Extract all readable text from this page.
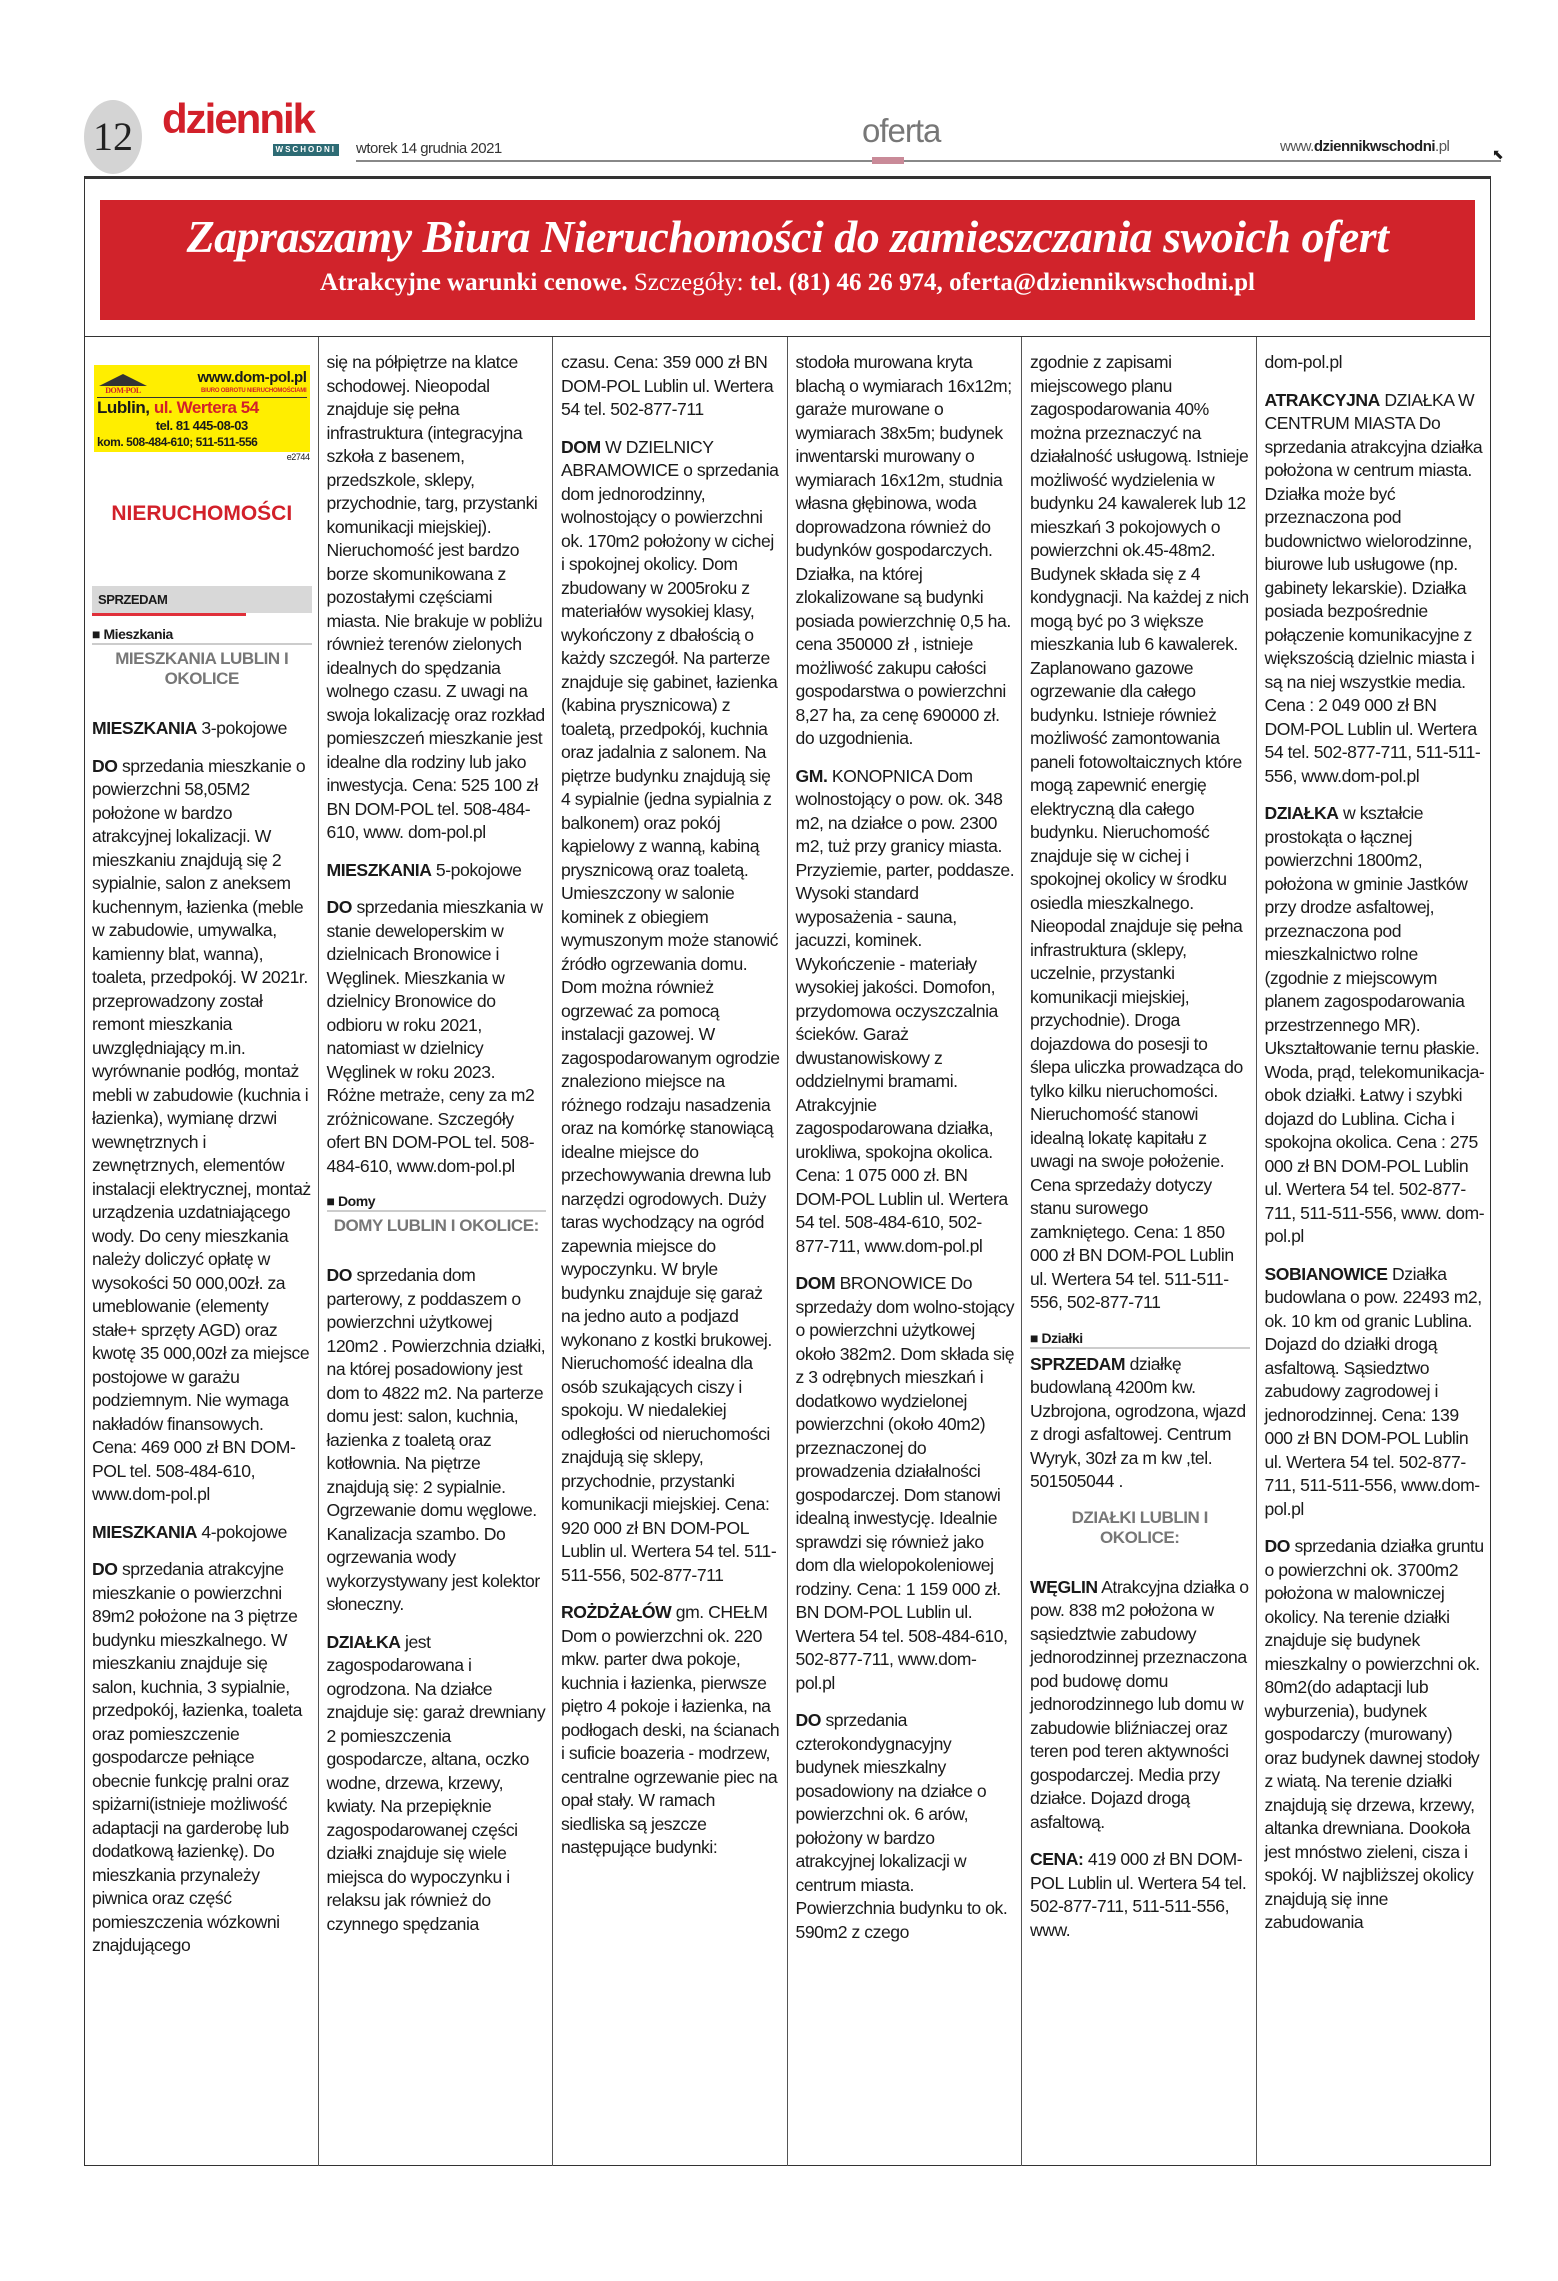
12 dziennik
WSCHODNI wtorek 14 grudnia 2021	oferta	www.dziennikwschodni.pl	⬉
Zapraszamy Biura Nieruchomości do zamieszczania swoich ofert

Atrakcyjne warunki cenowe. Szczegóły: tel. (81) 46 26 974, oferta@dziennikwschodni.pl

DOM-POL
www.dom-pol.pl
BIURO OBROTU NIERUCHOMOŚCIAMI
Lublin, ul. Wertera 54
tel. 81 445-08-03
kom. 508-484-610; 511-511-556
e2744
NIERUCHOMOŚCI
SPRZEDAM
■ Mieszkania
MIESZKANIA LUBLIN I OKOLICE
MIESZKANIA 3-pokojowe
DO sprzedania mieszkanie o powierzchni 58,05M2 położone w bardzo atrakcyjnej lokalizacji. W mieszkaniu znajdują się 2 sypialnie, salon z aneksem kuchennym, łazienka (meble w zabudowie, umywalka, kamienny blat, wanna), toaleta, przedpokój. W 2021r. przeprowadzony został remont mieszkania uwzględniający m.in. wyrównanie podłóg, montaż mebli w zabudowie (kuchnia i łazienka), wymianę drzwi wewnętrznych i zewnętrznych, elementów instalacji elektrycznej, montaż urządzenia uzdatniającego wody. Do ceny mieszkania należy doliczyć opłatę w wysokości 50 000,00zł. za umeblowanie (elementy stałe+ sprzęty AGD) oraz kwotę 35 000,00zł za miejsce postojowe w garażu podziemnym. Nie wymaga nakładów finansowych. Cena: 469 000 zł BN DOM-POL tel. 508-484-610, www.dom-pol.pl
MIESZKANIA 4-pokojowe
DO sprzedania atrakcyjne mieszkanie o powierzchni 89m2 położone na 3 piętrze budynku mieszkalnego. W mieszkaniu znajduje się salon, kuchnia, 3 sypialnie, przedpokój, łazienka, toaleta oraz pomieszczenie gospodarcze pełniące obecnie funkcję pralni oraz spiżarni(istnieje możliwość adaptacji na garderobę lub dodatkową łazienkę). Do mieszkania przynależy piwnica oraz część pomieszczenia wózkowni znajdującego
się na półpiętrze na klatce schodowej. Nieopodal znajduje się pełna infrastruktura (integracyjna szkoła z basenem, przedszkole, sklepy, przychodnie, targ, przystanki komunikacji miejskiej). Nieruchomość jest bardzo borze skomunikowana z pozostałymi częściami miasta. Nie brakuje w pobliżu również terenów zielonych idealnych do spędzania wolnego czasu. Z uwagi na swoja lokalizację oraz rozkład pomieszczeń mieszkanie jest idealne dla rodziny lub jako inwestycja. Cena: 525 100 zł BN DOM-POL tel. 508-484-610, www. dom-pol.pl
MIESZKANIA 5-pokojowe
DO sprzedania mieszkania w stanie deweloperskim w dzielnicach Bronowice i Węglinek. Mieszkania w dzielnicy Bronowice do odbioru w roku 2021, natomiast w dzielnicy Węglinek w roku 2023. Różne metraże, ceny za m2 zróżnicowane. Szczegóły ofert BN DOM-POL tel. 508-484-610, www.dom-pol.pl
■ Domy
DOMY LUBLIN I OKOLICE:
DO sprzedania dom parterowy, z poddaszem o powierzchni użytkowej 120m2 . Powierzchnia działki, na której posadowiony jest dom to 4822 m2. Na parterze domu jest: salon, kuchnia, łazienka z toaletą oraz kotłownia. Na piętrze znajdują się: 2 sypialnie. Ogrzewanie domu węglowe. Kanalizacja szambo. Do ogrzewania wody wykorzystywany jest kolektor słoneczny.
DZIAŁKA jest zagospodarowana i ogrodzona. Na działce znajduje się: garaż drewniany 2 pomieszczenia gospodarcze, altana, oczko wodne, drzewa, krzewy, kwiaty. Na przepięknie zagospodarowanej części działki znajduje się wiele miejsca do wypoczynku i relaksu jak również do czynnego spędzania
czasu. Cena: 359 000 zł BN DOM-POL Lublin ul. Wertera 54 tel. 502-877-711
DOM W DZIELNICY ABRAMOWICE o sprzedania dom jednorodzinny, wolnostojący o powierzchni ok. 170m2 położony w cichej i spokojnej okolicy. Dom zbudowany w 2005roku z materiałów wysokiej klasy, wykończony z dbałością o każdy szczegół. Na parterze znajduje się gabinet, łazienka (kabina prysznicowa) z toaletą, przedpokój, kuchnia oraz jadalnia z salonem. Na piętrze budynku znajdują się 4 sypialnie (jedna sypialnia z balkonem) oraz pokój kąpielowy z wanną, kabiną prysznicową oraz toaletą. Umieszczony w salonie kominek z obiegiem wymuszonym może stanowić źródło ogrzewania domu. Dom można również ogrzewać za pomocą instalacji gazowej. W zagospodarowanym ogrodzie znaleziono miejsce na różnego rodzaju nasadzenia oraz na komórkę stanowiącą idealne miejsce do przechowywania drewna lub narzędzi ogrodowych. Duży taras wychodzący na ogród zapewnia miejsce do wypoczynku. W bryle budynku znajduje się garaż na jedno auto a podjazd wykonano z kostki brukowej. Nieruchomość idealna dla osób szukających ciszy i spokoju. W niedalekiej odległości od nieruchomości znajdują się sklepy, przychodnie, przystanki komunikacji miejskiej. Cena: 920 000 zł BN DOM-POL Lublin ul. Wertera 54 tel. 511-511-556, 502-877-711
ROŻDŻAŁÓW gm. CHEŁM Dom o powierzchni ok. 220 mkw. parter dwa pokoje, kuchnia i łazienka, pierwsze piętro 4 pokoje i łazienka, na podłogach deski, na ścianach i suficie boazeria - modrzew, centralne ogrzewanie piec na opał stały. W ramach siedliska są jeszcze następujące budynki:
stodoła murowana kryta blachą o wymiarach 16x12m; garaże murowane o wymiarach 38x5m; budynek inwentarski murowany o wymiarach 16x12m, studnia własna głębinowa, woda doprowadzona również do budynków gospodarczych. Działka, na której zlokalizowane są budynki posiada powierzchnię 0,5 ha. cena 350000 zł , istnieje możliwość zakupu całości gospodarstwa o powierzchni 8,27 ha, za cenę 690000 zł. do uzgodnienia.
GM. KONOPNICA Dom wolnostojący o pow. ok. 348 m2, na działce o pow. 2300 m2, tuż przy granicy miasta. Przyziemie, parter, poddasze. Wysoki standard wyposażenia - sauna, jacuzzi, kominek. Wykończenie - materiały wysokiej jakości. Domofon, przydomowa oczyszczalnia ścieków. Garaż dwustanowiskowy z oddzielnymi bramami. Atrakcyjnie zagospodarowana działka, urokliwa, spokojna okolica. Cena: 1 075 000 zł. BN DOM-POL Lublin ul. Wertera 54 tel. 508-484-610, 502-877-711, www.dom-pol.pl
DOM BRONOWICE Do sprzedaży dom wolno-stojący o powierzchni użytkowej około 382m2. Dom składa się z 3 odrębnych mieszkań i dodatkowo wydzielonej powierzchni (około 40m2) przeznaczonej do prowadzenia działalności gospodarczej. Dom stanowi idealną inwestycję. Idealnie sprawdzi się również jako dom dla wielopokoleniowej rodziny. Cena: 1 159 000 zł. BN DOM-POL Lublin ul. Wertera 54 tel. 508-484-610, 502-877-711, www.dom-pol.pl
DO sprzedania czterokondygnacyjny budynek mieszkalny posadowiony na działce o powierzchni ok. 6 arów, położony w bardzo atrakcyjnej lokalizacji w centrum miasta. Powierzchnia budynku to ok. 590m2 z czego
zgodnie z zapisami miejscowego planu zagospodarowania 40% można przeznaczyć na działalność usługową. Istnieje możliwość wydzielenia w budynku 24 kawalerek lub 12 mieszkań 3 pokojowych o powierzchni ok.45-48m2. Budynek składa się z 4 kondygnacji. Na każdej z nich mogą być po 3 większe mieszkania lub 6 kawalerek. Zaplanowano gazowe ogrzewanie dla całego budynku. Istnieje również możliwość zamontowania paneli fotowoltaicznych które mogą zapewnić energię elektryczną dla całego budynku. Nieruchomość znajduje się w cichej i spokojnej okolicy w środku osiedla mieszkalnego. Nieopodal znajduje się pełna infrastruktura (sklepy, uczelnie, przystanki komunikacji miejskiej, przychodnie). Droga dojazdowa do posesji to ślepa uliczka prowadząca do tylko kilku nieruchomości. Nieruchomość stanowi idealną lokatę kapitału z uwagi na swoje położenie. Cena sprzedaży dotyczy stanu surowego zamkniętego. Cena: 1 850 000 zł BN DOM-POL Lublin ul. Wertera 54 tel. 511-511-556, 502-877-711
■ Działki
SPRZEDAM działkę budowlaną 4200m kw. Uzbrojona, ogrodzona, wjazd z drogi asfaltowej. Centrum Wyryk, 30zł za m kw ,tel. 501505044 .
DZIAŁKI LUBLIN I OKOLICE:
WĘGLIN Atrakcyjna działka o pow. 838 m2 położona w sąsiedztwie zabudowy jednorodzinnej przeznaczona pod budowę domu jednorodzinnego lub domu w zabudowie bliźniaczej oraz teren pod teren aktywności gospodarczej. Media przy działce. Dojazd drogą asfaltową.
CENA: 419 000 zł BN DOM-POL Lublin ul. Wertera 54 tel. 502-877-711, 511-511-556, www.
dom-pol.pl
ATRAKCYJNA DZIAŁKA W CENTRUM MIASTA Do sprzedania atrakcyjna działka położona w centrum miasta. Działka może być przeznaczona pod budownictwo wielorodzinne, biurowe lub usługowe (np. gabinety lekarskie). Działka posiada bezpośrednie połączenie komunikacyjne z większością dzielnic miasta i są na niej wszystkie media. Cena : 2 049 000 zł BN DOM-POL Lublin ul. Wertera 54 tel. 502-877-711, 511-511-556, www.dom-pol.pl
DZIAŁKA w kształcie prostokąta o łącznej powierzchni 1800m2, położona w gminie Jastków przy drodze asfaltowej, przeznaczona pod mieszkalnictwo rolne (zgodnie z miejscowym planem zagospodarowania przestrzennego MR). Ukształtowanie ternu płaskie. Woda, prąd, telekomunikacja- obok działki. Łatwy i szybki dojazd do Lublina. Cicha i spokojna okolica. Cena : 275 000 zł BN DOM-POL Lublin ul. Wertera 54 tel. 502-877-711, 511-511-556, www. dom-pol.pl
SOBIANOWICE Działka budowlana o pow. 22493 m2, ok. 10 km od granic Lublina. Dojazd do działki drogą asfaltową. Sąsiedztwo zabudowy zagrodowej i jednorodzinnej. Cena: 139 000 zł BN DOM-POL Lublin ul. Wertera 54 tel. 502-877-711, 511-511-556, www.dom-pol.pl
DO sprzedania działka gruntu o powierzchni ok. 3700m2 położona w malowniczej okolicy. Na terenie działki znajduje się budynek mieszkalny o powierzchni ok. 80m2(do adaptacji lub wyburzenia), budynek gospodarczy (murowany) oraz budynek dawnej stodoły z wiatą. Na terenie działki znajdują się drzewa, krzewy, altanka drewniana. Dookoła jest mnóstwo zieleni, cisza i spokój. W najbliższej okolicy znajdują się inne zabudowania
